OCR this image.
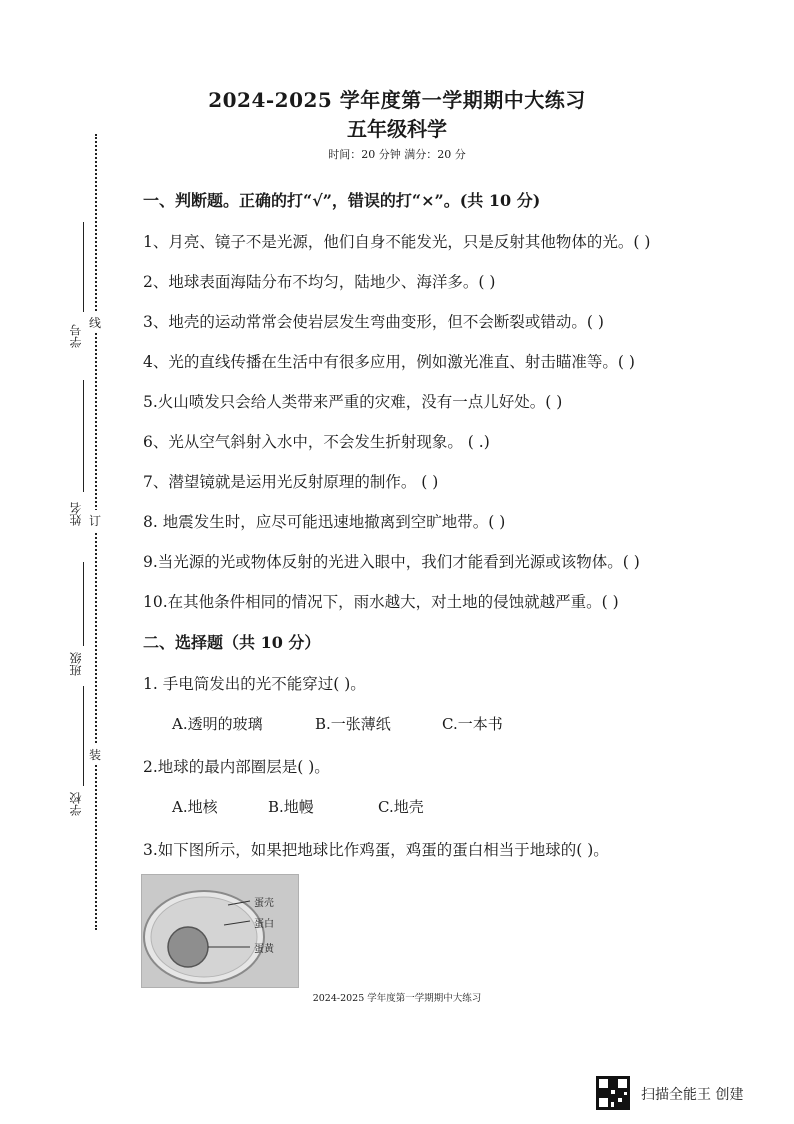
2024-2025 学年度第一学期期中大练习
五年级科学
时间：20 分钟 满分：20 分
线
订
装
学号
姓名
班级
学校
一、判断题。正确的打“√”，错误的打“×”。(共 10 分)
1、月亮、镜子不是光源，他们自身不能发光，只是反射其他物体的光。( )
2、地球表面海陆分布不均匀，陆地少、海洋多。( )
3、地壳的运动常常会使岩层发生弯曲变形，但不会断裂或错动。( )
4、光的直线传播在生活中有很多应用，例如激光准直、射击瞄准等。( )
5.火山喷发只会给人类带来严重的灾难，没有一点儿好处。( )
6、光从空气斜射入水中，不会发生折射现象。 ( .)
7、潜望镜就是运用光反射原理的制作。 ( )
8. 地震发生时，应尽可能迅速地撤离到空旷地带。( )
9.当光源的光或物体反射的光进入眼中，我们才能看到光源或该物体。( )
10.在其他条件相同的情况下，雨水越大，对土地的侵蚀就越严重。( )
二、选择题（共 10 分）
1. 手电筒发出的光不能穿过( )。
A.透明的玻璃	B.一张薄纸	C.一本书
2.地球的最内部圈层是( )。
A.地核	B.地幔	C.地壳
3.如下图所示，如果把地球比作鸡蛋，鸡蛋的蛋白相当于地球的( )。
蛋壳
蛋白
蛋黄
2024-2025 学年度第一学期期中大练习
扫描全能王 创建
